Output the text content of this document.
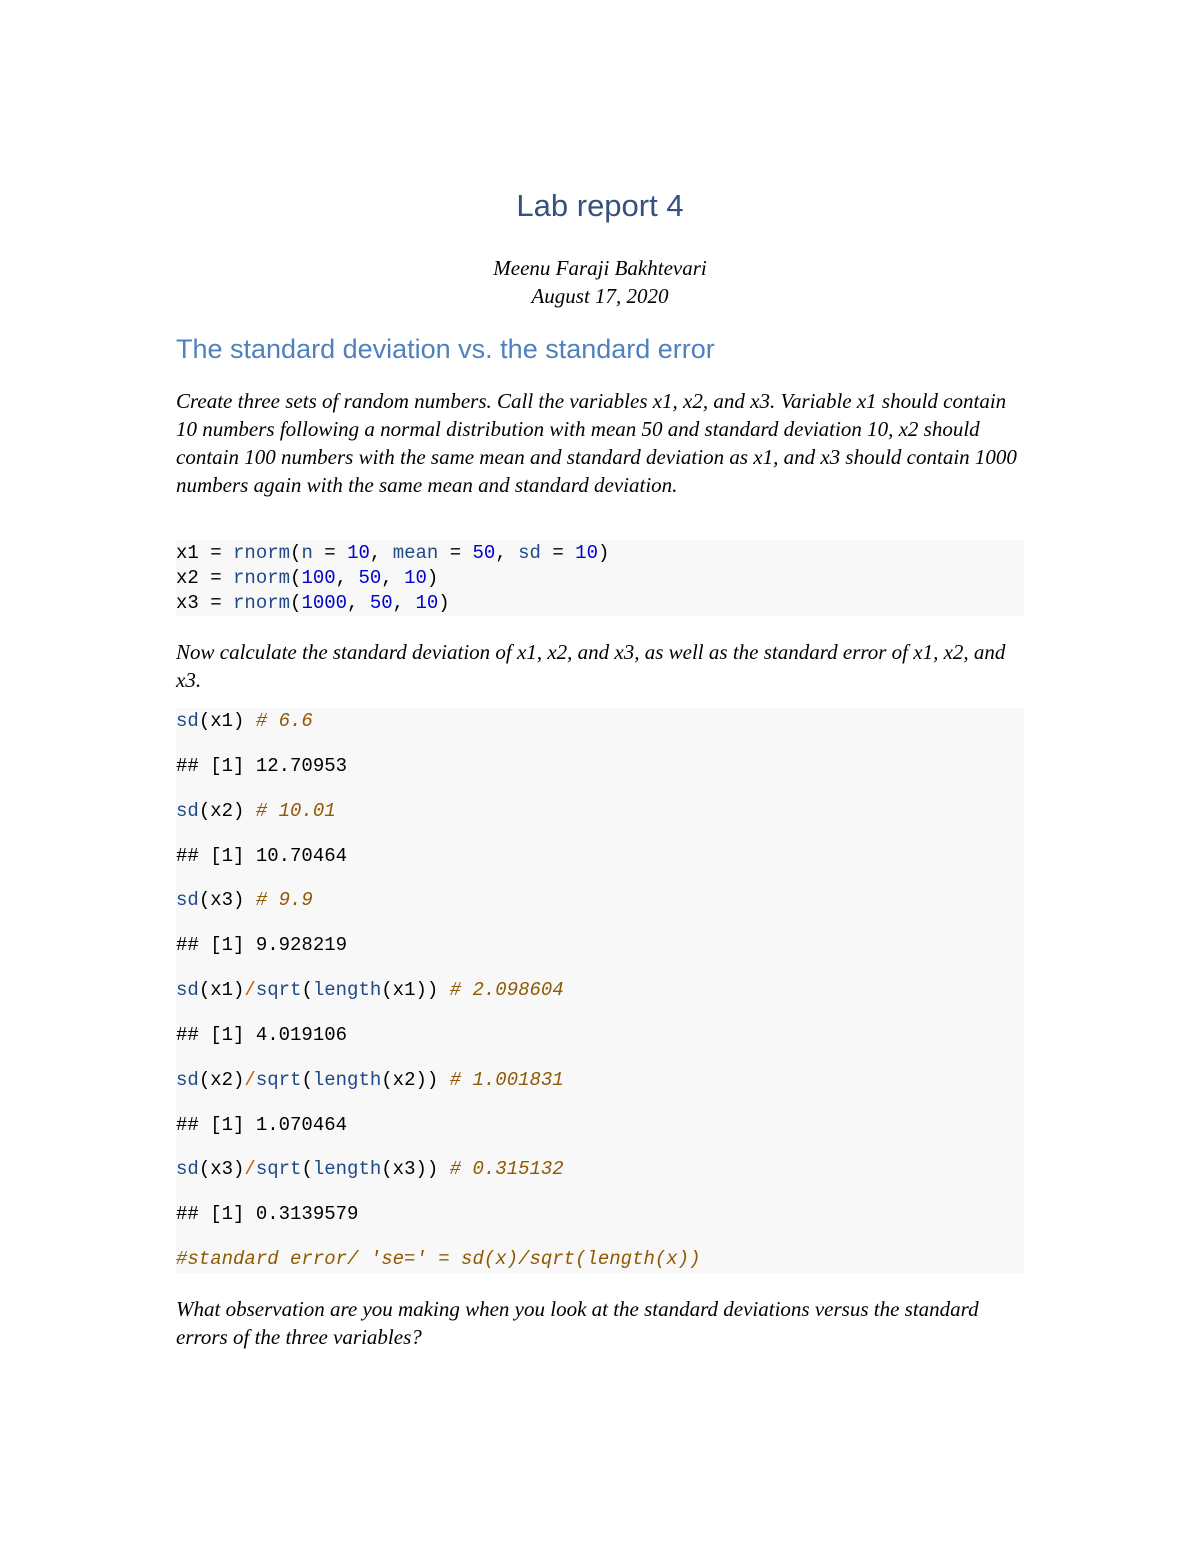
Lab report 4
Meenu Faraji Bakhtevari
August 17, 2020
The standard deviation vs. the standard error
Create three sets of random numbers. Call the variables x1, x2, and x3. Variable x1 should contain 10 numbers following a normal distribution with mean 50 and standard deviation 10, x2 should contain 100 numbers with the same mean and standard deviation as x1, and x3 should contain 1000 numbers again with the same mean and standard deviation.
x1 = rnorm(n = 10, mean = 50, sd = 10)
x2 = rnorm(100, 50, 10)
x3 = rnorm(1000, 50, 10)
Now calculate the standard deviation of x1, x2, and x3, as well as the standard error of x1, x2, and x3.
sd(x1) # 6.6
## [1] 12.70953
sd(x2) # 10.01
## [1] 10.70464
sd(x3) # 9.9
## [1] 9.928219
sd(x1)/sqrt(length(x1)) # 2.098604
## [1] 4.019106
sd(x2)/sqrt(length(x2)) # 1.001831
## [1] 1.070464
sd(x3)/sqrt(length(x3)) # 0.315132
## [1] 0.3139579
#standard error/ 'se=' = sd(x)/sqrt(length(x))
What observation are you making when you look at the standard deviations versus the standard errors of the three variables?
